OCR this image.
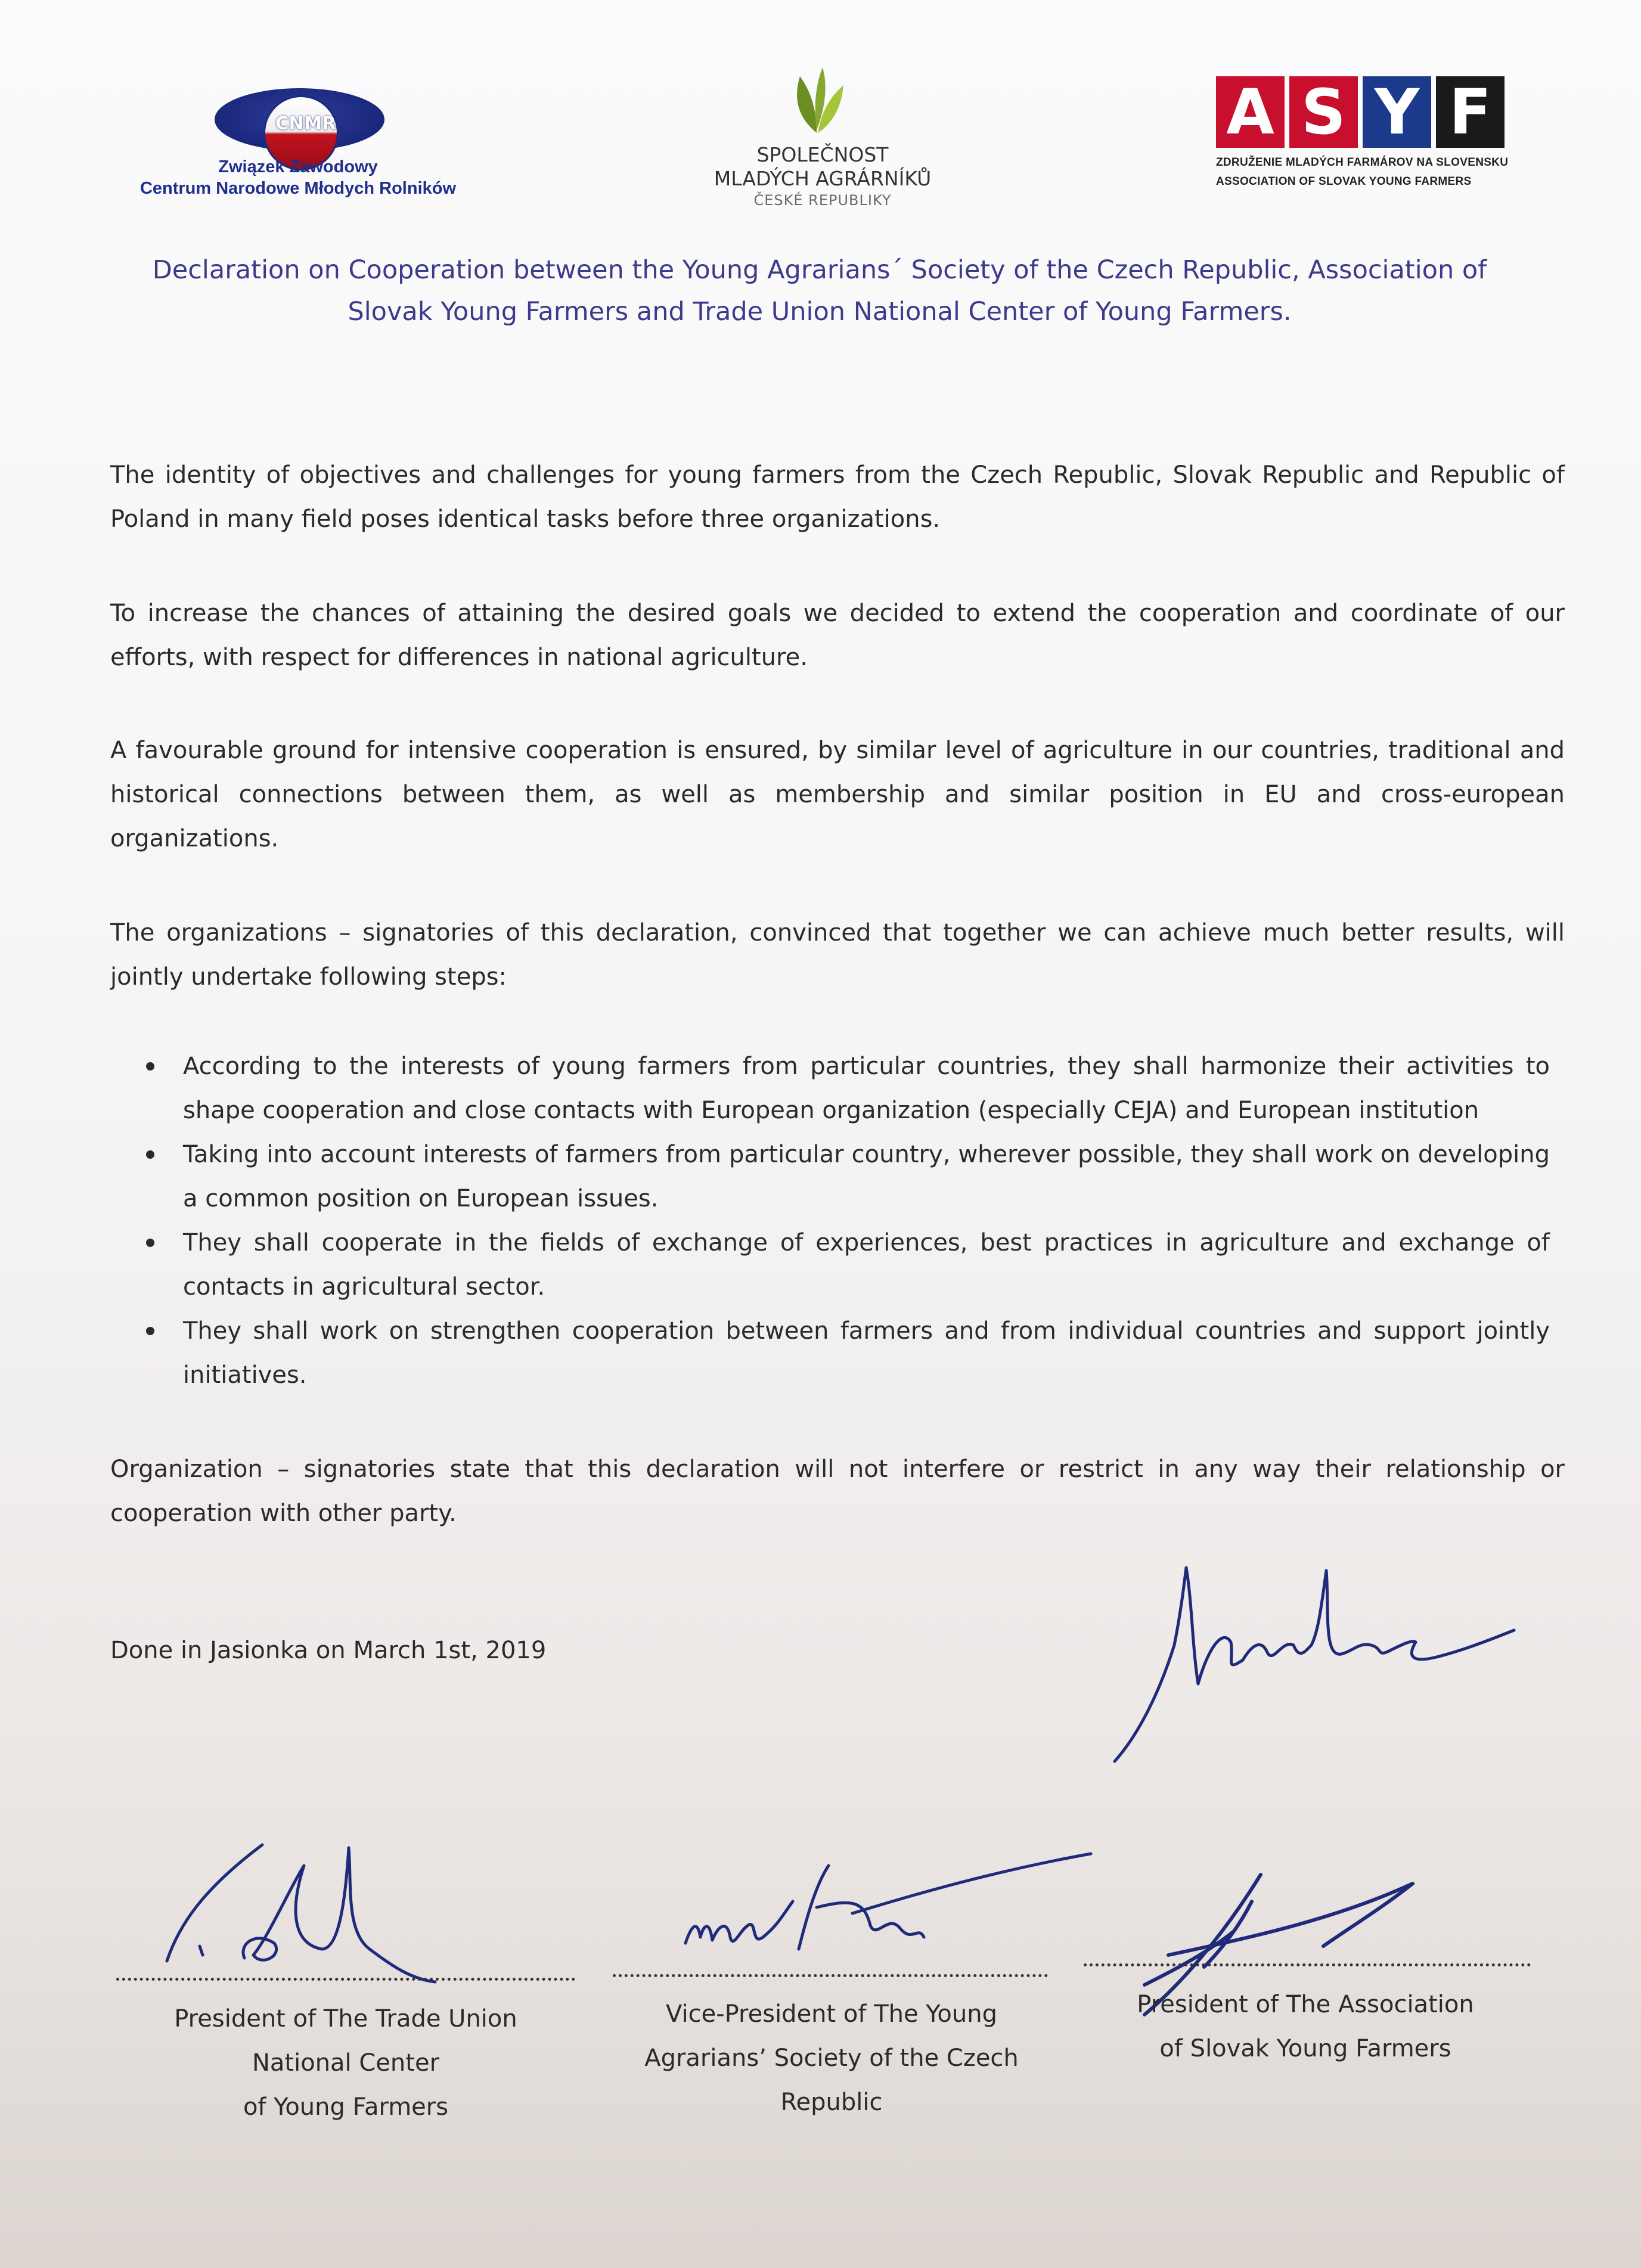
CNMR
Związek Zawodowy
Centrum Narodowe Młodych Rolników
SPOLEČNOST
MLADÝCH AGRÁRNÍKŮ
ČESKÉ REPUBLIKY
A S Y F
ZDRUŽENIE MLADÝCH FARMÁROV NA SLOVENSKU
ASSOCIATION OF SLOVAK YOUNG FARMERS
Declaration on Cooperation between the Young Agrarians´ Society of the Czech Republic, Association of
Slovak Young Farmers and Trade Union National Center of Young Farmers.
The identity of objectives and challenges for young farmers from the Czech Republic, Slovak Republic and Republic of Poland in many field poses identical tasks before three organizations.
To increase the chances of attaining the desired goals we decided to extend the cooperation and coordinate of our efforts, with respect for differences in national agriculture.
A favourable ground for intensive cooperation is ensured, by similar level of agriculture in our countries, traditional and historical connections between them, as well as membership and similar position in EU and cross-european organizations.
The organizations – signatories of this declaration, convinced that together we can achieve much better results, will jointly undertake following steps:
According to the interests of young farmers from particular countries, they shall harmonize their activities to shape cooperation and close contacts with European organization (especially CEJA) and European institution
Taking into account interests of farmers from particular country, wherever possible, they shall work on developing a common position on European issues.
They shall cooperate in the fields of exchange of experiences, best practices in agriculture and exchange of contacts in agricultural sector.
They shall work on strengthen cooperation between farmers and from individual countries and support jointly initiatives.
Organization – signatories state that this declaration will not interfere or restrict in any way their relationship or cooperation with other party.
Done in Jasionka on March 1st, 2019
President of The Trade Union
National Center
of Young Farmers
Vice-President of The Young
Agrarians’ Society of the Czech
Republic
President of The Association
of Slovak Young Farmers
